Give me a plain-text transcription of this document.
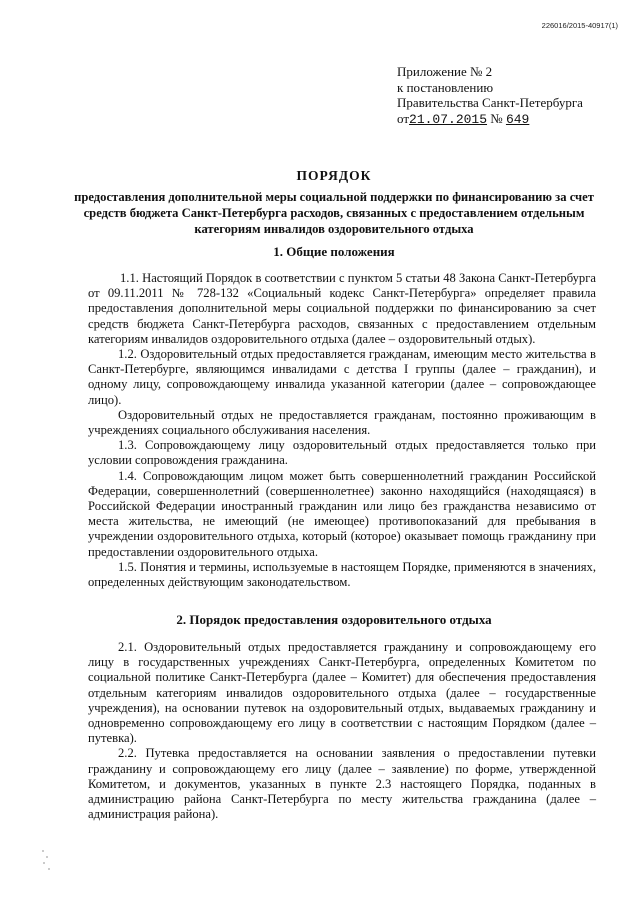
226016/2015-40917(1)
Приложение № 2
к постановлению
Правительства Санкт-Петербурга
от21.07.2015 № 649
ПОРЯДОК
предоставления дополнительной меры социальной поддержки по финансированию за счет средств бюджета Санкт-Петербурга расходов, связанных с предоставлением отдельным категориям инвалидов оздоровительного отдыха
1. Общие положения

1.1. Настоящий Порядок в соответствии с пунктом 5 статьи 48 Закона Санкт-Петербурга от 09.11.2011 № 728-132 «Социальный кодекс Санкт-Петербурга» определяет правила предоставления дополнительной меры социальной поддержки по финансированию за счет средств бюджета Санкт-Петербурга расходов, связанных с предоставлением отдельным категориям инвалидов оздоровительного отдыха (далее – оздоровительный отдых).

1.2. Оздоровительный отдых предоставляется гражданам, имеющим место жительства в Санкт-Петербурге, являющимся инвалидами с детства I группы (далее – гражданин), и одному лицу, сопровождающему инвалида указанной категории (далее – сопровождающее лицо).

Оздоровительный отдых не предоставляется гражданам, постоянно проживающим в учреждениях социального обслуживания населения.

1.3. Сопровождающему лицу оздоровительный отдых предоставляется только при условии сопровождения гражданина.

1.4. Сопровождающим лицом может быть совершеннолетний гражданин Российской Федерации, совершеннолетний (совершеннолетнее) законно находящийся (находящаяся) в Российской Федерации иностранный гражданин или лицо без гражданства независимо от места жительства, не имеющий (не имеющее) противопоказаний для пребывания в учреждении оздоровительного отдыха, который (которое) оказывает помощь гражданину при предоставлении оздоровительного отдыха.

1.5. Понятия и термины, используемые в настоящем Порядке, применяются в значениях, определенных действующим законодательством.

2. Порядок предоставления оздоровительного отдыха

2.1. Оздоровительный отдых предоставляется гражданину и сопровождающему его лицу в государственных учреждениях Санкт-Петербурга, определенных Комитетом по социальной политике Санкт-Петербурга (далее – Комитет) для обеспечения предоставления отдельным категориям инвалидов оздоровительного отдыха (далее – государственные учреждения), на основании путевок на оздоровительный отдых, выдаваемых гражданину и одновременно сопровождающему его лицу в соответствии с настоящим Порядком (далее – путевка).

2.2. Путевка предоставляется на основании заявления о предоставлении путевки гражданину и сопровождающему его лицу (далее – заявление) по форме, утвержденной Комитетом, и документов, указанных в пункте 2.3 настоящего Порядка, поданных в администрацию района Санкт-Петербурга по месту жительства гражданина (далее – администрация района).
